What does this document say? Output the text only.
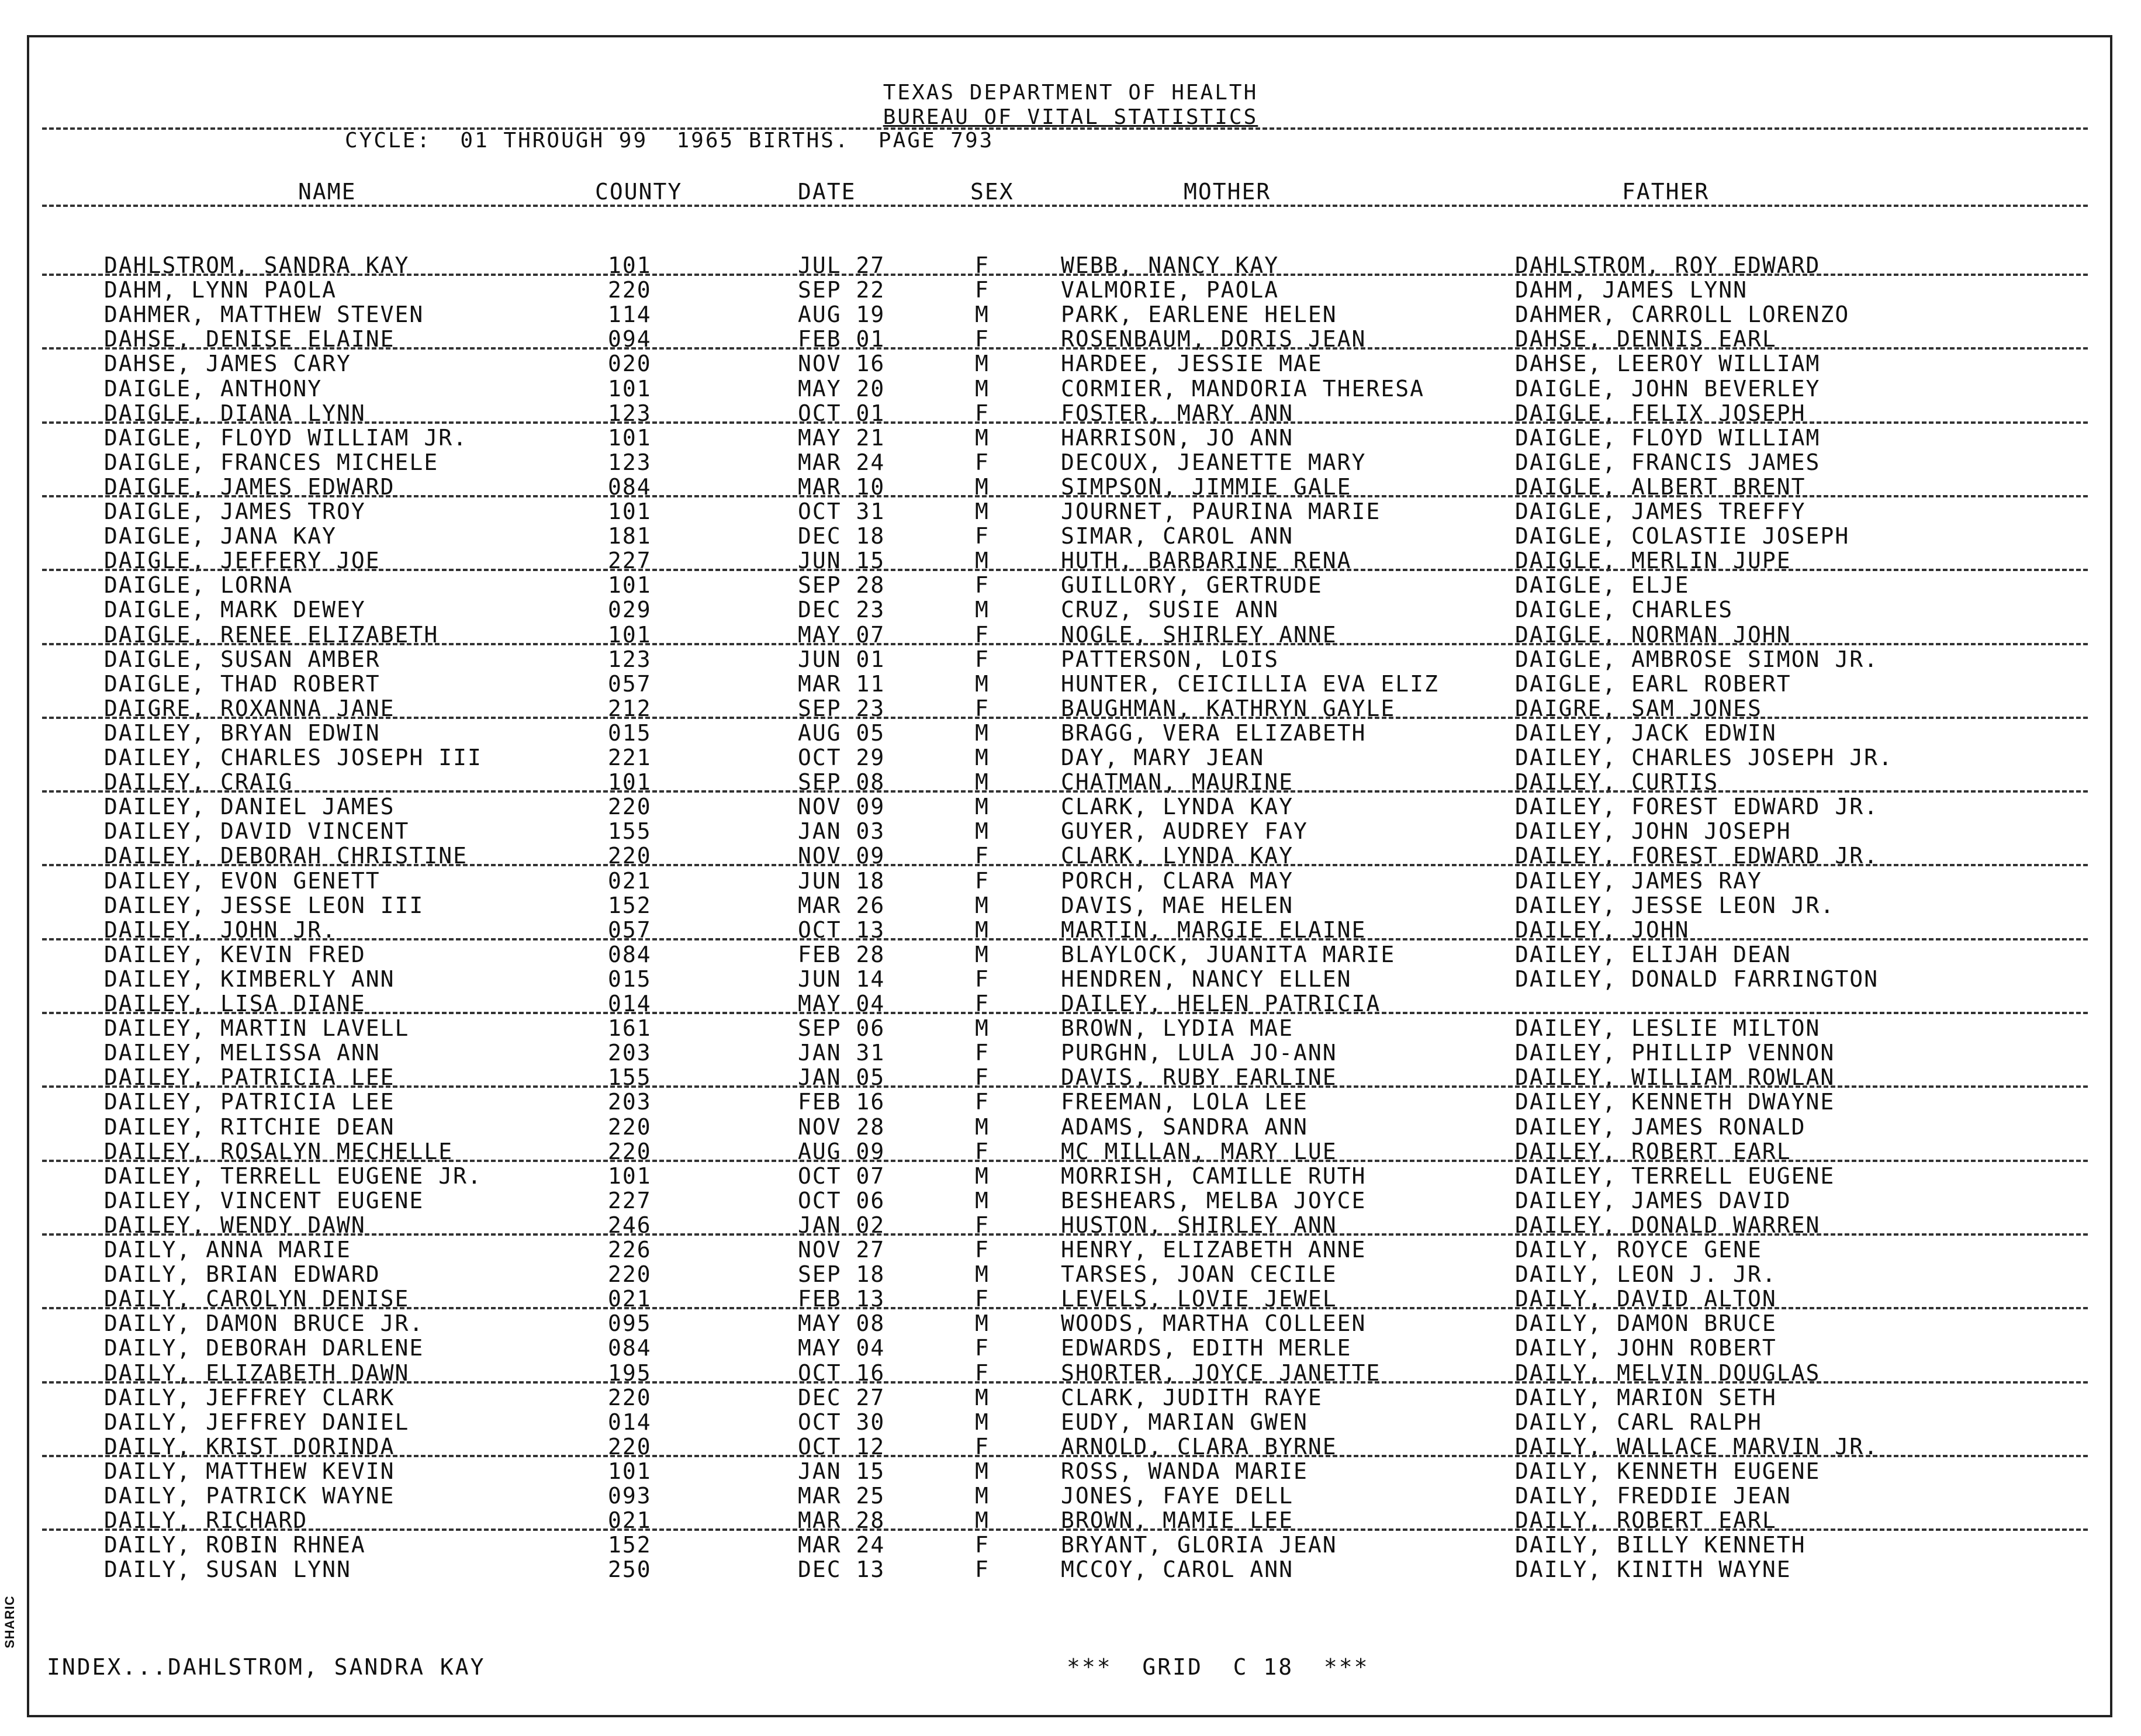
TEXAS DEPARTMENT OF HEALTH
BUREAU OF VITAL STATISTICS
CYCLE:  01 THROUGH 99  1965 BIRTHS.  PAGE 793
NAME	COUNTY	DATE	SEX	MOTHER	FATHER
DAHLSTROM, SANDRA KAY	101	JUL 27	F	WEBB, NANCY KAY	DAHLSTROM, ROY EDWARD
DAHM, LYNN PAOLA	220	SEP 22	F	VALMORIE, PAOLA	DAHM, JAMES LYNN
DAHMER, MATTHEW STEVEN	114	AUG 19	M	PARK, EARLENE HELEN	DAHMER, CARROLL LORENZO
DAHSE, DENISE ELAINE	094	FEB 01	F	ROSENBAUM, DORIS JEAN	DAHSE, DENNIS EARL
DAHSE, JAMES CARY	020	NOV 16	M	HARDEE, JESSIE MAE	DAHSE, LEEROY WILLIAM
DAIGLE, ANTHONY	101	MAY 20	M	CORMIER, MANDORIA THERESA	DAIGLE, JOHN BEVERLEY
DAIGLE, DIANA LYNN	123	OCT 01	F	FOSTER, MARY ANN	DAIGLE, FELIX JOSEPH
DAIGLE, FLOYD WILLIAM JR.	101	MAY 21	M	HARRISON, JO ANN	DAIGLE, FLOYD WILLIAM
DAIGLE, FRANCES MICHELE	123	MAR 24	F	DECOUX, JEANETTE MARY	DAIGLE, FRANCIS JAMES
DAIGLE, JAMES EDWARD	084	MAR 10	M	SIMPSON, JIMMIE GALE	DAIGLE, ALBERT BRENT
DAIGLE, JAMES TROY	101	OCT 31	M	JOURNET, PAURINA MARIE	DAIGLE, JAMES TREFFY
DAIGLE, JANA KAY	181	DEC 18	F	SIMAR, CAROL ANN	DAIGLE, COLASTIE JOSEPH
DAIGLE, JEFFERY JOE	227	JUN 15	M	HUTH, BARBARINE RENA	DAIGLE, MERLIN JUPE
DAIGLE, LORNA	101	SEP 28	F	GUILLORY, GERTRUDE	DAIGLE, ELJE
DAIGLE, MARK DEWEY	029	DEC 23	M	CRUZ, SUSIE ANN	DAIGLE, CHARLES
DAIGLE, RENEE ELIZABETH	101	MAY 07	F	NOGLE, SHIRLEY ANNE	DAIGLE, NORMAN JOHN
DAIGLE, SUSAN AMBER	123	JUN 01	F	PATTERSON, LOIS	DAIGLE, AMBROSE SIMON JR.
DAIGLE, THAD ROBERT	057	MAR 11	M	HUNTER, CEICILLIA EVA ELIZ	DAIGLE, EARL ROBERT
DAIGRE, ROXANNA JANE	212	SEP 23	F	BAUGHMAN, KATHRYN GAYLE	DAIGRE, SAM JONES
DAILEY, BRYAN EDWIN	015	AUG 05	M	BRAGG, VERA ELIZABETH	DAILEY, JACK EDWIN
DAILEY, CHARLES JOSEPH III	221	OCT 29	M	DAY, MARY JEAN	DAILEY, CHARLES JOSEPH JR.
DAILEY, CRAIG	101	SEP 08	M	CHATMAN, MAURINE	DAILEY, CURTIS
DAILEY, DANIEL JAMES	220	NOV 09	M	CLARK, LYNDA KAY	DAILEY, FOREST EDWARD JR.
DAILEY, DAVID VINCENT	155	JAN 03	M	GUYER, AUDREY FAY	DAILEY, JOHN JOSEPH
DAILEY, DEBORAH CHRISTINE	220	NOV 09	F	CLARK, LYNDA KAY	DAILEY, FOREST EDWARD JR.
DAILEY, EVON GENETT	021	JUN 18	F	PORCH, CLARA MAY	DAILEY, JAMES RAY
DAILEY, JESSE LEON III	152	MAR 26	M	DAVIS, MAE HELEN	DAILEY, JESSE LEON JR.
DAILEY, JOHN JR.	057	OCT 13	M	MARTIN, MARGIE ELAINE	DAILEY, JOHN
DAILEY, KEVIN FRED	084	FEB 28	M	BLAYLOCK, JUANITA MARIE	DAILEY, ELIJAH DEAN
DAILEY, KIMBERLY ANN	015	JUN 14	F	HENDREN, NANCY ELLEN	DAILEY, DONALD FARRINGTON
DAILEY, LISA DIANE	014	MAY 04	F	DAILEY, HELEN PATRICIA
DAILEY, MARTIN LAVELL	161	SEP 06	M	BROWN, LYDIA MAE	DAILEY, LESLIE MILTON
DAILEY, MELISSA ANN	203	JAN 31	F	PURGHN, LULA JO-ANN	DAILEY, PHILLIP VENNON
DAILEY, PATRICIA LEE	155	JAN 05	F	DAVIS, RUBY EARLINE	DAILEY, WILLIAM ROWLAN
DAILEY, PATRICIA LEE	203	FEB 16	F	FREEMAN, LOLA LEE	DAILEY, KENNETH DWAYNE
DAILEY, RITCHIE DEAN	220	NOV 28	M	ADAMS, SANDRA ANN	DAILEY, JAMES RONALD
DAILEY, ROSALYN MECHELLE	220	AUG 09	F	MC MILLAN, MARY LUE	DAILEY, ROBERT EARL
DAILEY, TERRELL EUGENE JR.	101	OCT 07	M	MORRISH, CAMILLE RUTH	DAILEY, TERRELL EUGENE
DAILEY, VINCENT EUGENE	227	OCT 06	M	BESHEARS, MELBA JOYCE	DAILEY, JAMES DAVID
DAILEY, WENDY DAWN	246	JAN 02	F	HUSTON, SHIRLEY ANN	DAILEY, DONALD WARREN
DAILY, ANNA MARIE	226	NOV 27	F	HENRY, ELIZABETH ANNE	DAILY, ROYCE GENE
DAILY, BRIAN EDWARD	220	SEP 18	M	TARSES, JOAN CECILE	DAILY, LEON J. JR.
DAILY, CAROLYN DENISE	021	FEB 13	F	LEVELS, LOVIE JEWEL	DAILY, DAVID ALTON
DAILY, DAMON BRUCE JR.	095	MAY 08	M	WOODS, MARTHA COLLEEN	DAILY, DAMON BRUCE
DAILY, DEBORAH DARLENE	084	MAY 04	F	EDWARDS, EDITH MERLE	DAILY, JOHN ROBERT
DAILY, ELIZABETH DAWN	195	OCT 16	F	SHORTER, JOYCE JANETTE	DAILY, MELVIN DOUGLAS
DAILY, JEFFREY CLARK	220	DEC 27	M	CLARK, JUDITH RAYE	DAILY, MARION SETH
DAILY, JEFFREY DANIEL	014	OCT 30	M	EUDY, MARIAN GWEN	DAILY, CARL RALPH
DAILY, KRIST DORINDA	220	OCT 12	F	ARNOLD, CLARA BYRNE	DAILY, WALLACE MARVIN JR.
DAILY, MATTHEW KEVIN	101	JAN 15	M	ROSS, WANDA MARIE	DAILY, KENNETH EUGENE
DAILY, PATRICK WAYNE	093	MAR 25	M	JONES, FAYE DELL	DAILY, FREDDIE JEAN
DAILY, RICHARD	021	MAR 28	M	BROWN, MAMIE LEE	DAILY, ROBERT EARL
DAILY, ROBIN RHNEA	152	MAR 24	F	BRYANT, GLORIA JEAN	DAILY, BILLY KENNETH
DAILY, SUSAN LYNN	250	DEC 13	F	MCCOY, CAROL ANN	DAILY, KINITH WAYNE
INDEX...DAHLSTROM, SANDRA KAY	***  GRID  C 18  ***
SHARIC
